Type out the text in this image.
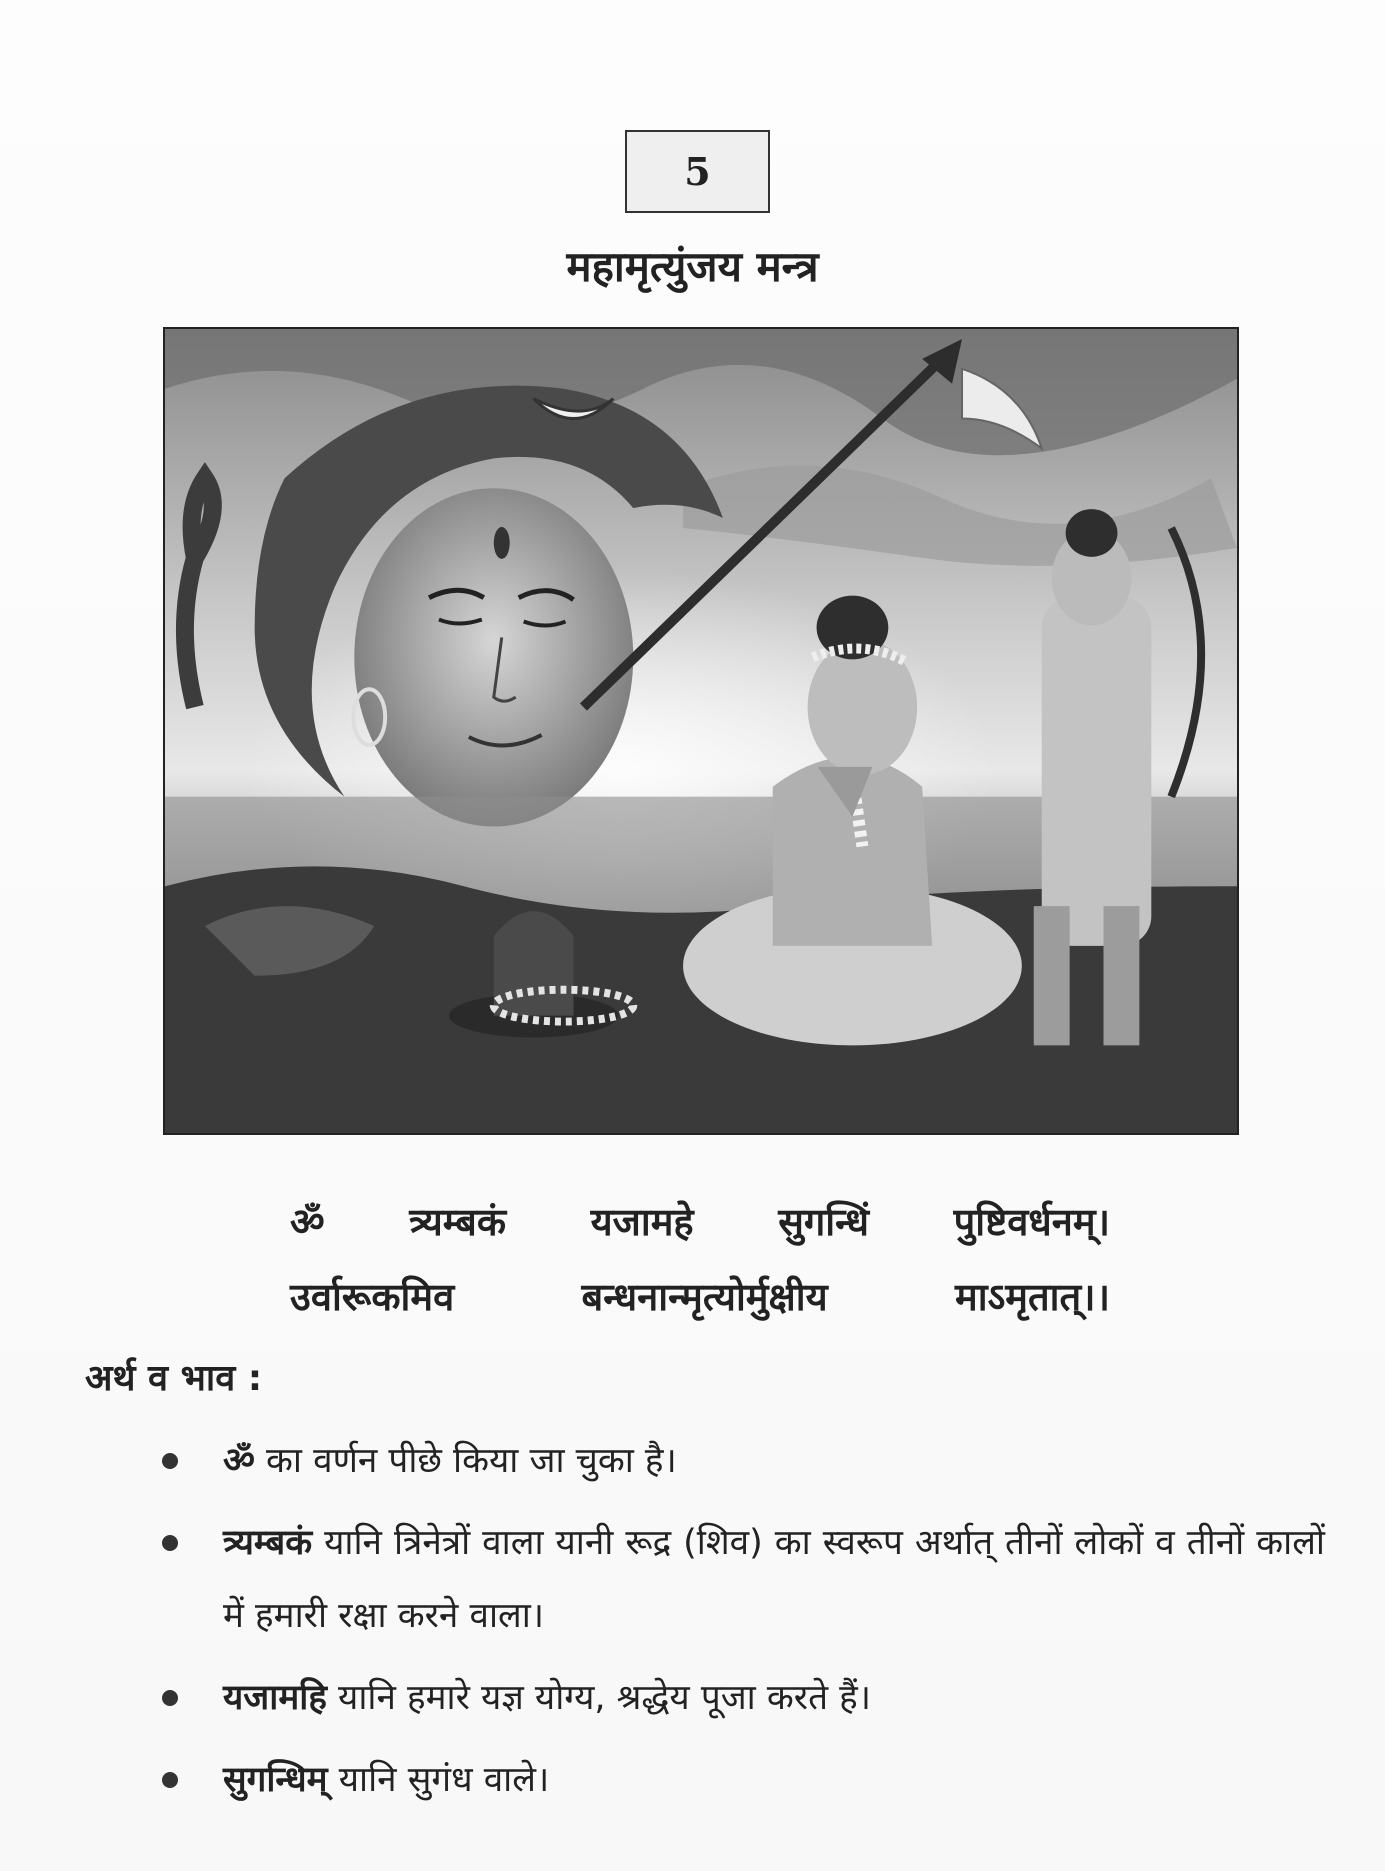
5
महामृत्युंजय मन्त्र
ॐ त्र्यम्बकं यजामहे सुगन्धिं पुष्टिवर्धनम्।
उर्वारूकमिव	बन्धनान्मृत्योर्मुक्षीय	माऽमृतात्।।
अर्थ व भाव :
ॐ का वर्णन पीछे किया जा चुका है।
त्र्यम्बकं यानि त्रिनेत्रों वाला यानी रूद्र (शिव) का स्वरूप अर्थात् तीनों लोकों व तीनों कालों में हमारी रक्षा करने वाला।
यजामहि यानि हमारे यज्ञ योग्य, श्रद्धेय पूजा करते हैं।
सुगन्धिम् यानि सुगंध वाले।
